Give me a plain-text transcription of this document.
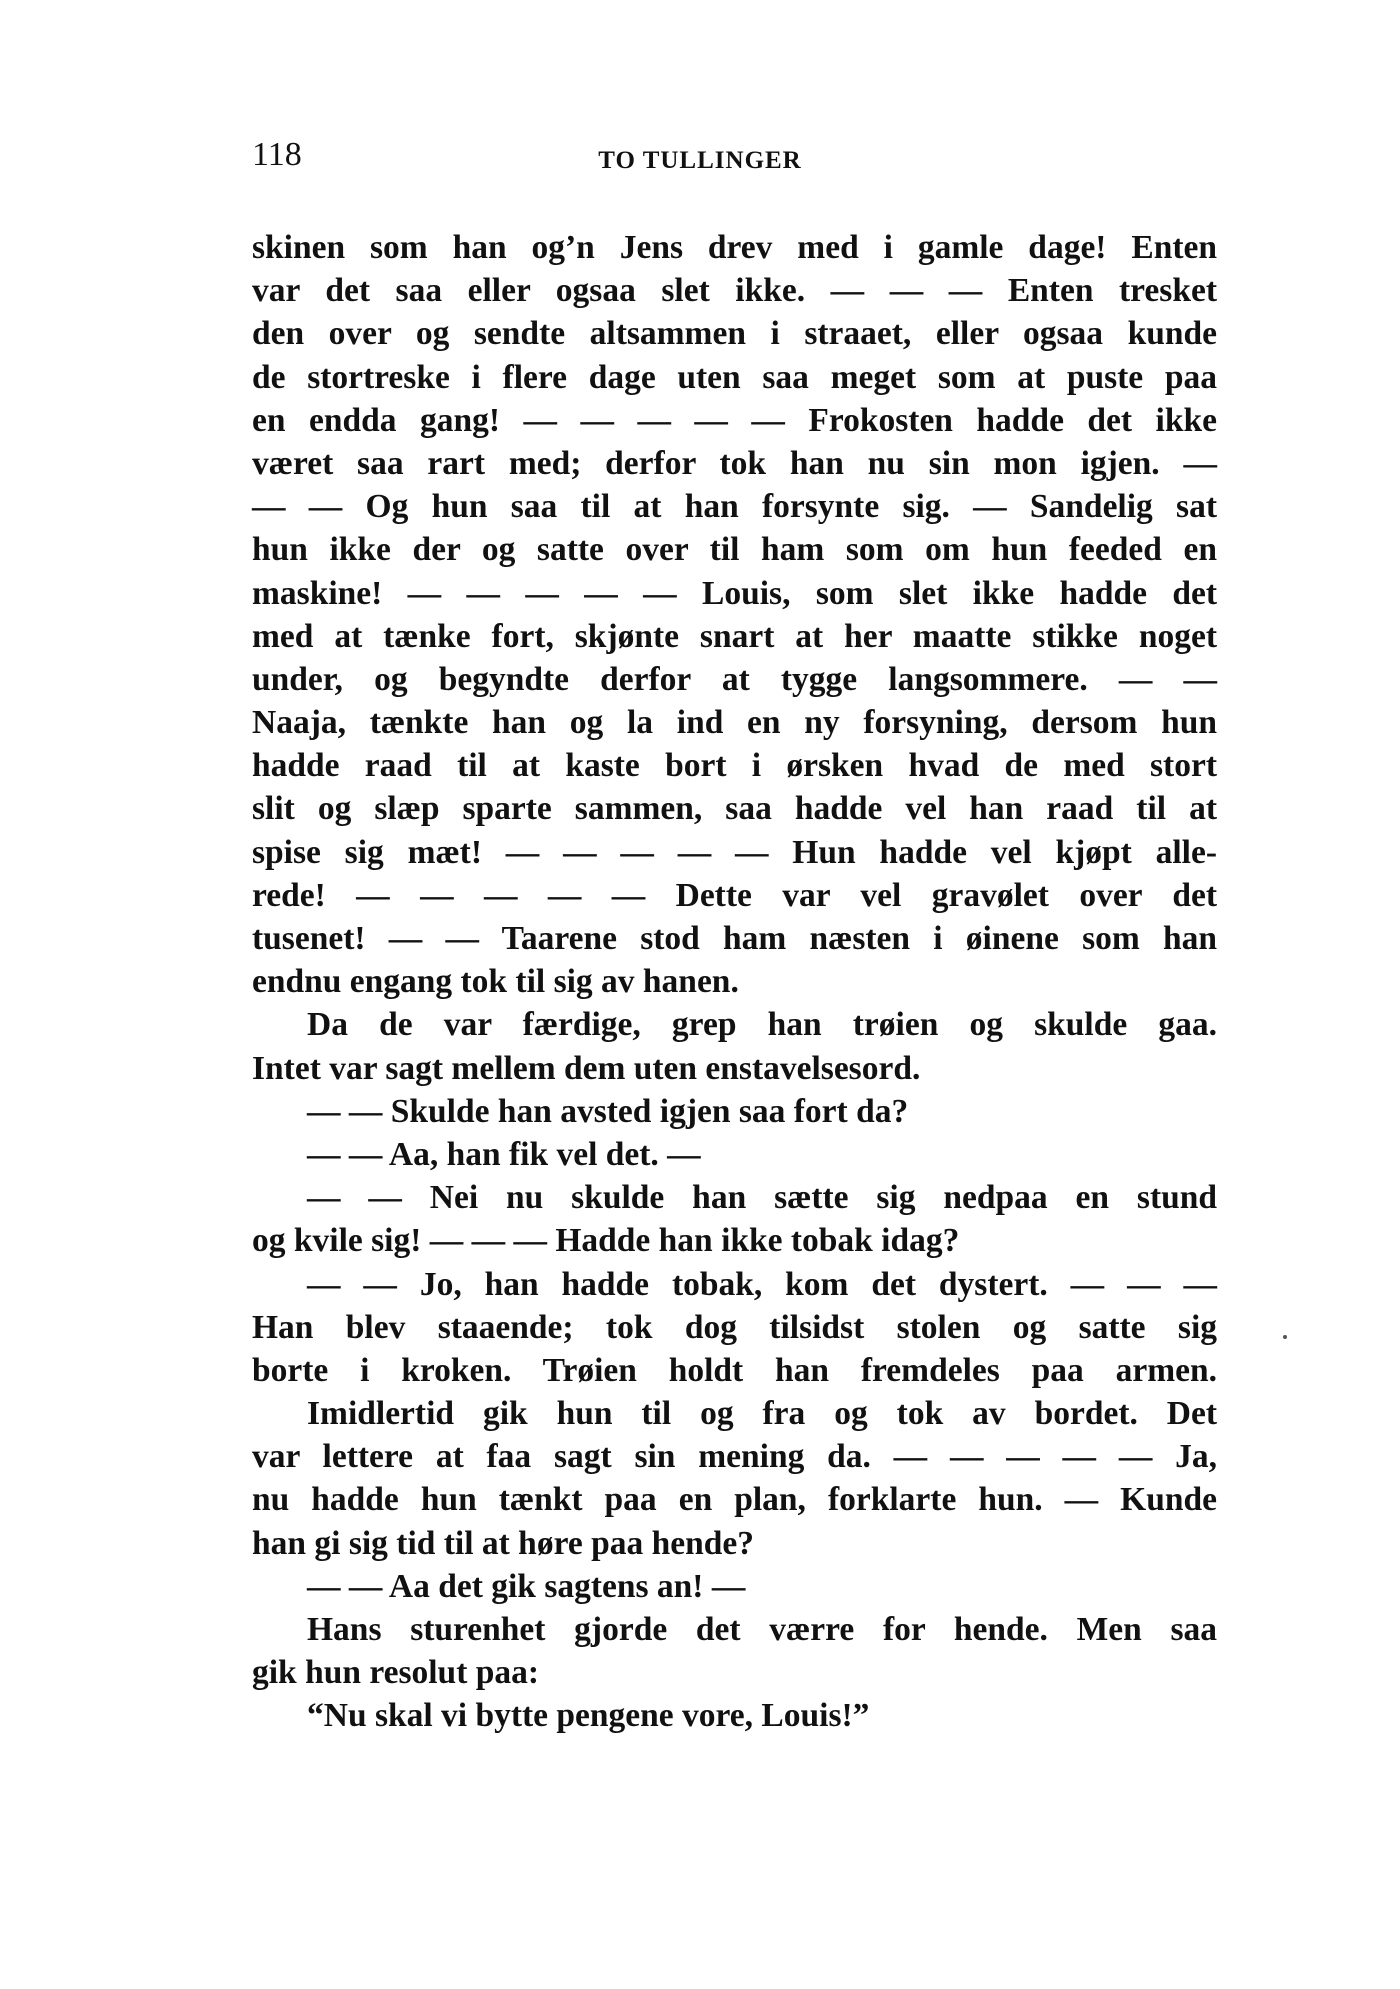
118	TO TULLINGER
skinen som han og’n Jens drev med i gamle dage! Enten
var det saa eller ogsaa slet ikke. — — — Enten tresket
den over og sendte altsammen i straaet, eller ogsaa kunde
de stortreske i flere dage uten saa meget som at puste paa
en endda gang! — — — — — Frokosten hadde det ikke
været saa rart med; derfor tok han nu sin mon igjen. —
— — Og hun saa til at han forsynte sig. — Sandelig sat
hun ikke der og satte over til ham som om hun feeded en
maskine! — — — — — Louis, som slet ikke hadde det
med at tænke fort, skjønte snart at her maatte stikke noget
under, og begyndte derfor at tygge langsommere. — —
Naaja, tænkte han og la ind en ny forsyning, dersom hun
hadde raad til at kaste bort i ørsken hvad de med stort
slit og slæp sparte sammen, saa hadde vel han raad til at
spise sig mæt! — — — — — Hun hadde vel kjøpt alle-
rede! — — — — — Dette var vel gravølet over det
tusenet! — — Taarene stod ham næsten i øinene som han
endnu engang tok til sig av hanen.
Da de var færdige, grep han trøien og skulde gaa.
Intet var sagt mellem dem uten enstavelsesord.
— — Skulde han avsted igjen saa fort da?
— — Aa, han fik vel det. —
— — Nei nu skulde han sætte sig nedpaa en stund
og kvile sig! — — — Hadde han ikke tobak idag?
— — Jo, han hadde tobak, kom det dystert. — — —
Han blev staaende; tok dog tilsidst stolen og satte sig
borte i kroken. Trøien holdt han fremdeles paa armen.
Imidlertid gik hun til og fra og tok av bordet. Det
var lettere at faa sagt sin mening da. — — — — — Ja,
nu hadde hun tænkt paa en plan, forklarte hun. — Kunde
han gi sig tid til at høre paa hende?
— — Aa det gik sagtens an! —
Hans sturenhet gjorde det værre for hende. Men saa
gik hun resolut paa:
“Nu skal vi bytte pengene vore, Louis!”
